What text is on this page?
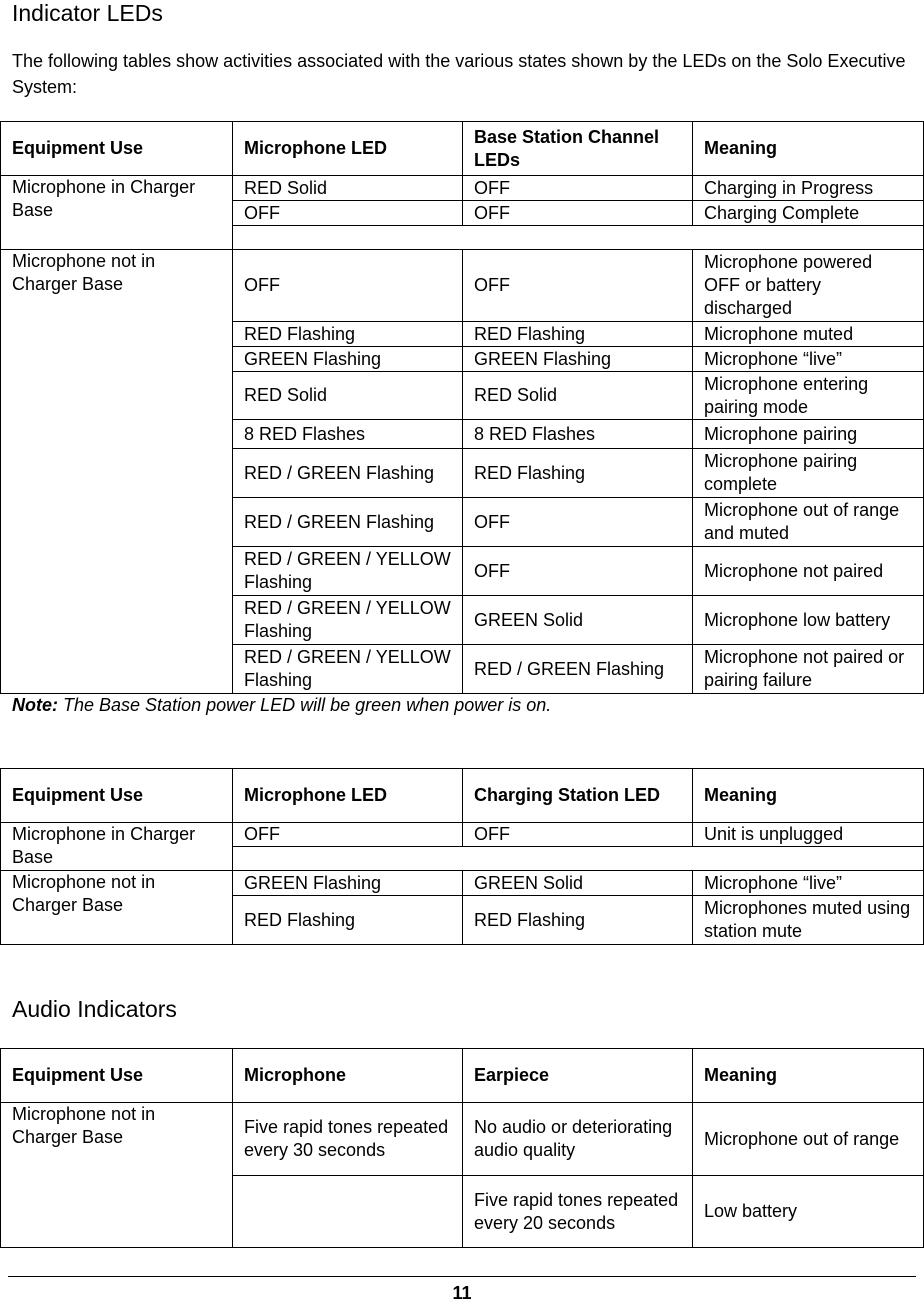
Indicator LEDs

The following tables show activities associated with the various states shown by the LEDs on the Solo Executive System:

Equipment Use	Microphone LED	Base Station Channel LEDs	Meaning
Microphone in Charger Base	RED Solid	OFF	Charging in Progress
	OFF	OFF	Charging Complete

Microphone not in Charger Base	OFF	OFF	Microphone powered OFF or battery discharged
	RED Flashing	RED Flashing	Microphone muted
	GREEN Flashing	GREEN Flashing	Microphone “live”
	RED Solid	RED Solid	Microphone entering pairing mode
	8 RED Flashes	8 RED Flashes	Microphone pairing
	RED / GREEN Flashing	RED Flashing	Microphone pairing complete
	RED / GREEN Flashing	OFF	Microphone out of range and muted
	RED / GREEN / YELLOW Flashing	OFF	Microphone not paired
	RED / GREEN / YELLOW Flashing	GREEN Solid	Microphone low battery
	RED / GREEN / YELLOW Flashing	RED / GREEN Flashing	Microphone not paired or pairing failure

Note: The Base Station power LED will be green when power is on.

Equipment Use	Microphone LED	Charging Station LED	Meaning
Microphone in Charger Base	OFF	OFF	Unit is unplugged

Microphone not in Charger Base	GREEN Flashing	GREEN Solid	Microphone “live”
	RED Flashing	RED Flashing	Microphones muted using station mute
Audio Indicators
Equipment Use	Microphone	Earpiece	Meaning
Microphone not in Charger Base	Five rapid tones repeated every 30 seconds	No audio or deteriorating audio quality	Microphone out of range
		Five rapid tones repeated every 20 seconds	Low battery
11
